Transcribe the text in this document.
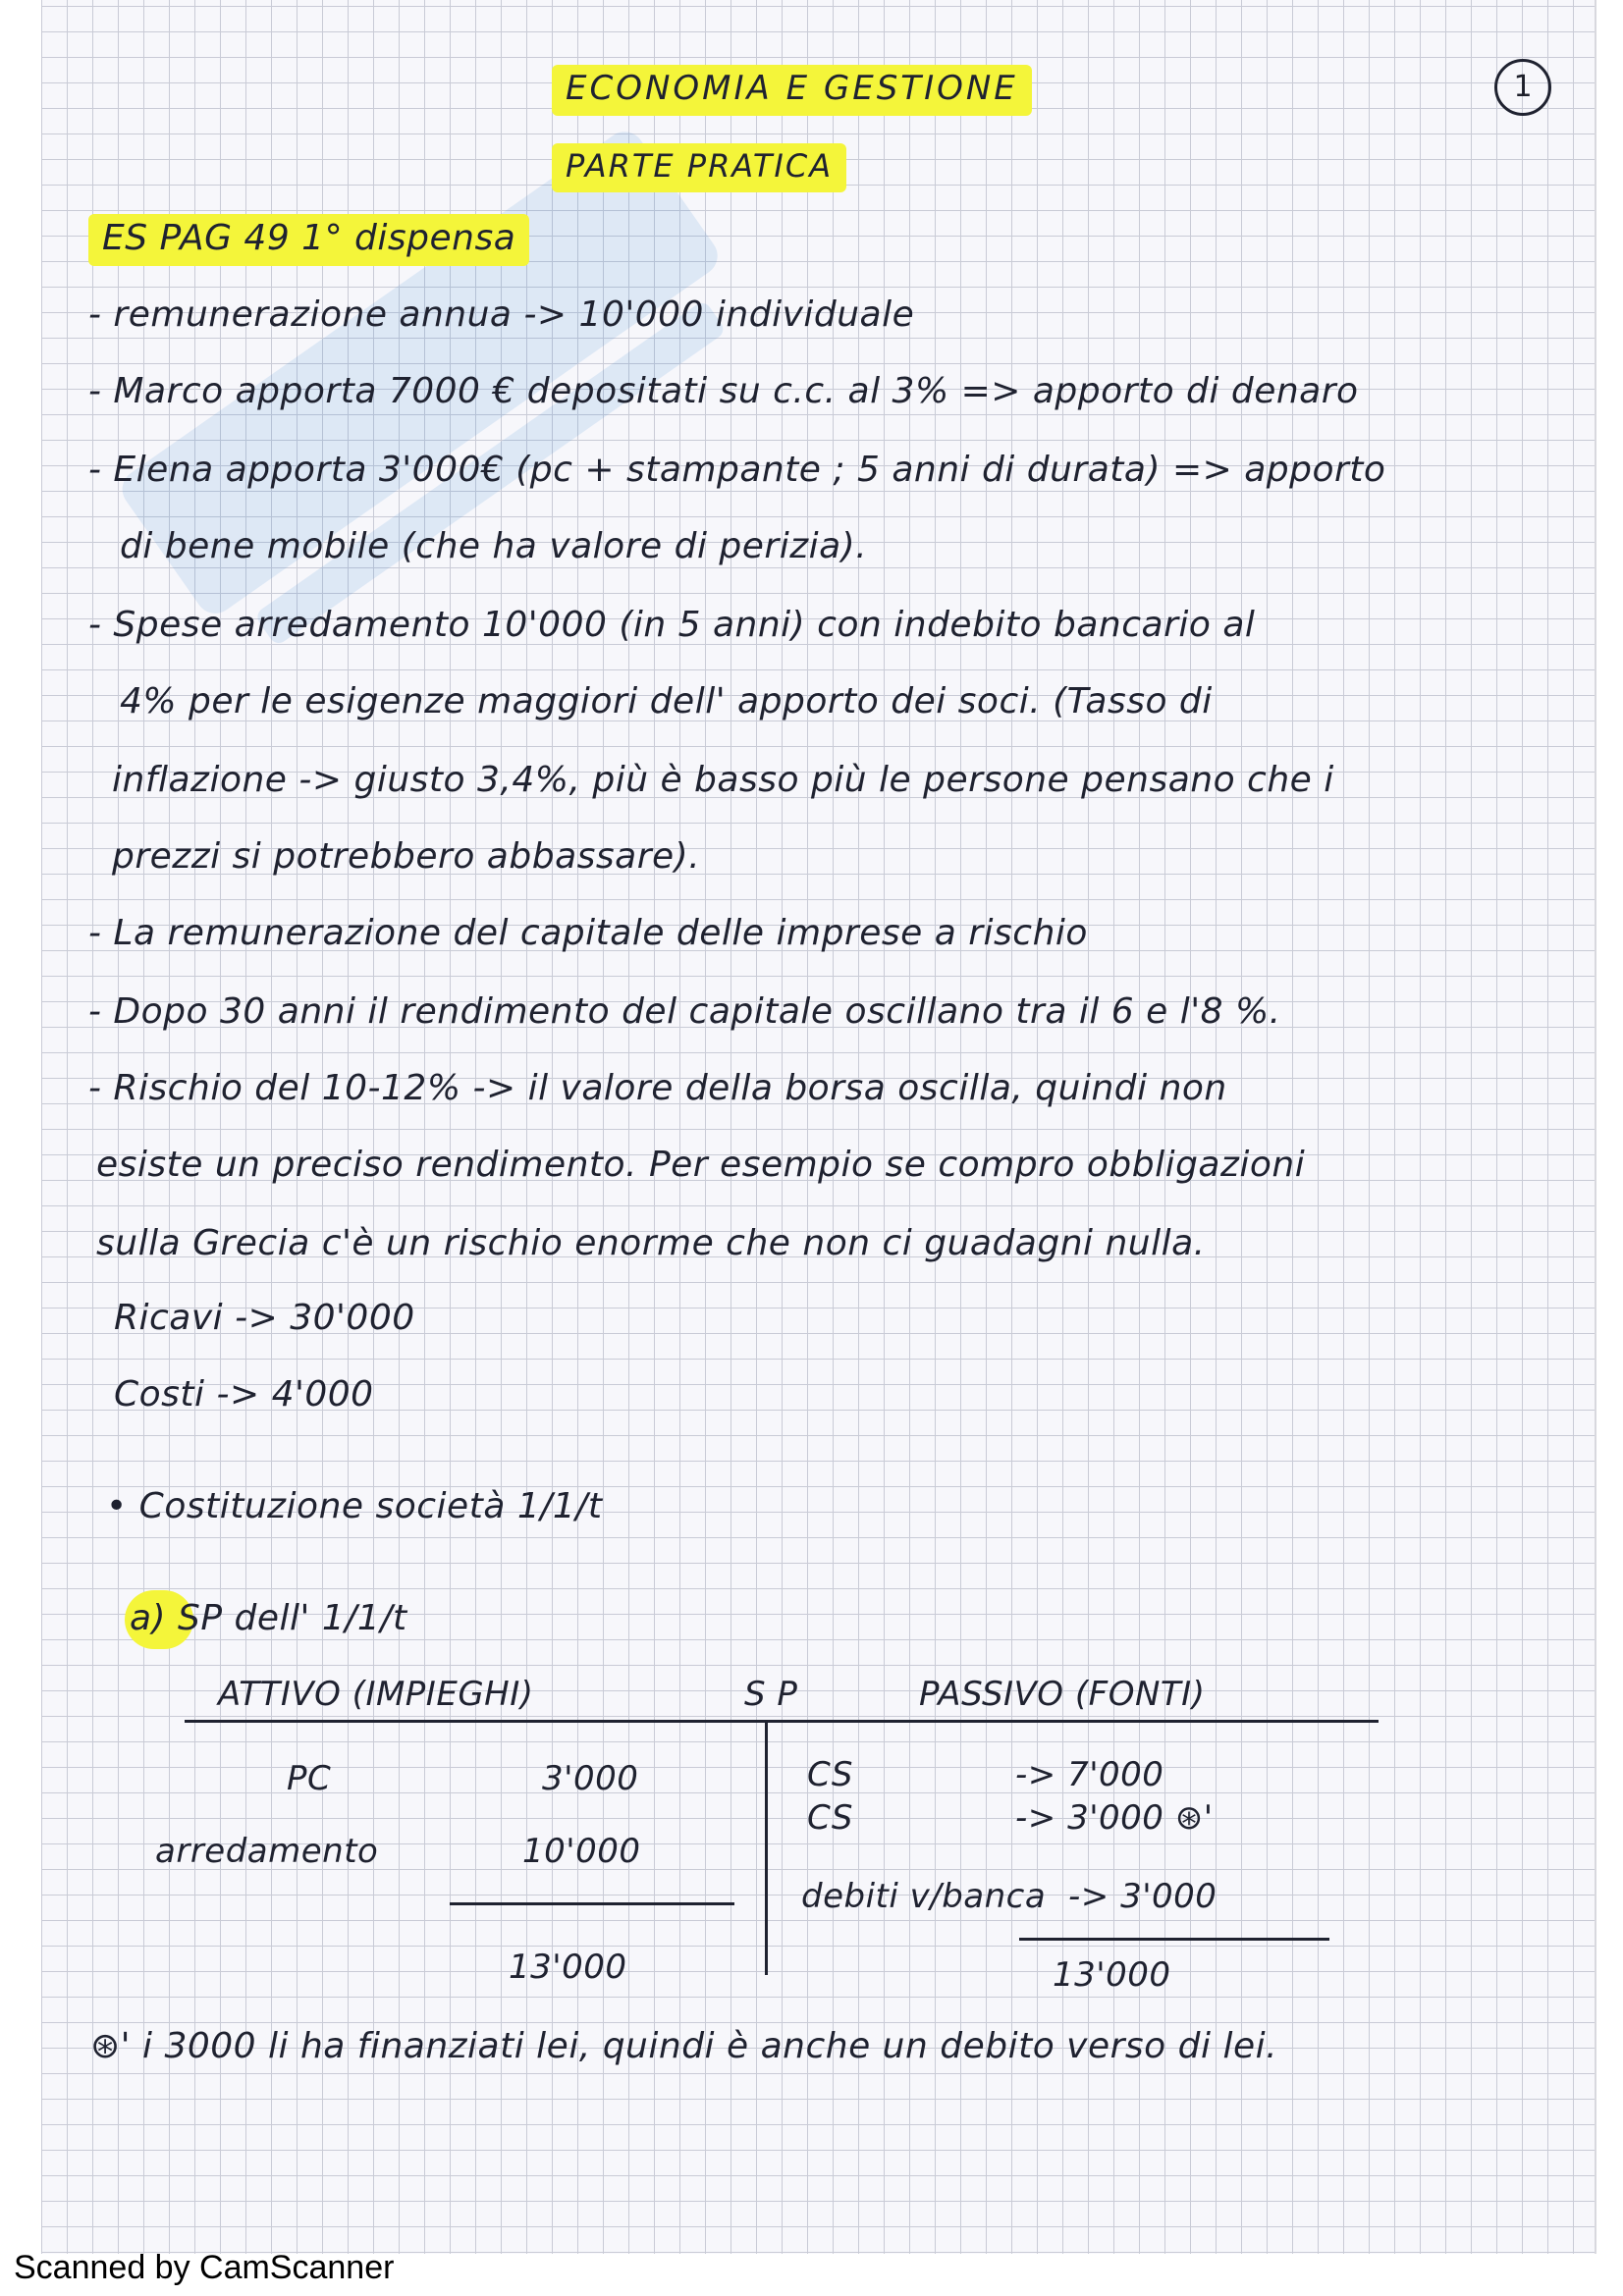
ECONOMIA E GESTIONE
PARTE PRATICA
1
ES PAG 49 1° dispensa
- remunerazione annua -> 10'000 individuale
- Marco apporta 7000 € depositati su c.c. al 3% => apporto di denaro
- Elena apporta 3'000€ (pc + stampante ; 5 anni di durata) => apporto
di bene mobile (che ha valore di perizia).
- Spese arredamento 10'000 (in 5 anni) con indebito bancario al
4% per le esigenze maggiori dell' apporto dei soci. (Tasso di
inflazione -> giusto 3,4%, più è basso più le persone pensano che i
prezzi si potrebbero abbassare).
- La remunerazione del capitale delle imprese a rischio
- Dopo 30 anni il rendimento del capitale oscillano tra il 6 e l'8 %.
- Rischio del 10-12% -> il valore della borsa oscilla, quindi non
esiste un preciso rendimento. Per esempio se compro obbligazioni
sulla Grecia c'è un rischio enorme che non ci guadagni nulla.
Ricavi -> 30'000
Costi -> 4'000
• Costituzione società 1/1/t
a) SP dell' 1/1/t
ATTIVO (IMPIEGHI)	S P	PASSIVO (FONTI)
PC	3'000
arredamento	10'000
13'000
CS	-> 7'000
CS	-> 3'000 ⊛'
debiti v/banca -> 3'000
13'000
⊛' i 3000 li ha finanziati lei, quindi è anche un debito verso di lei.
Scanned by CamScanner
